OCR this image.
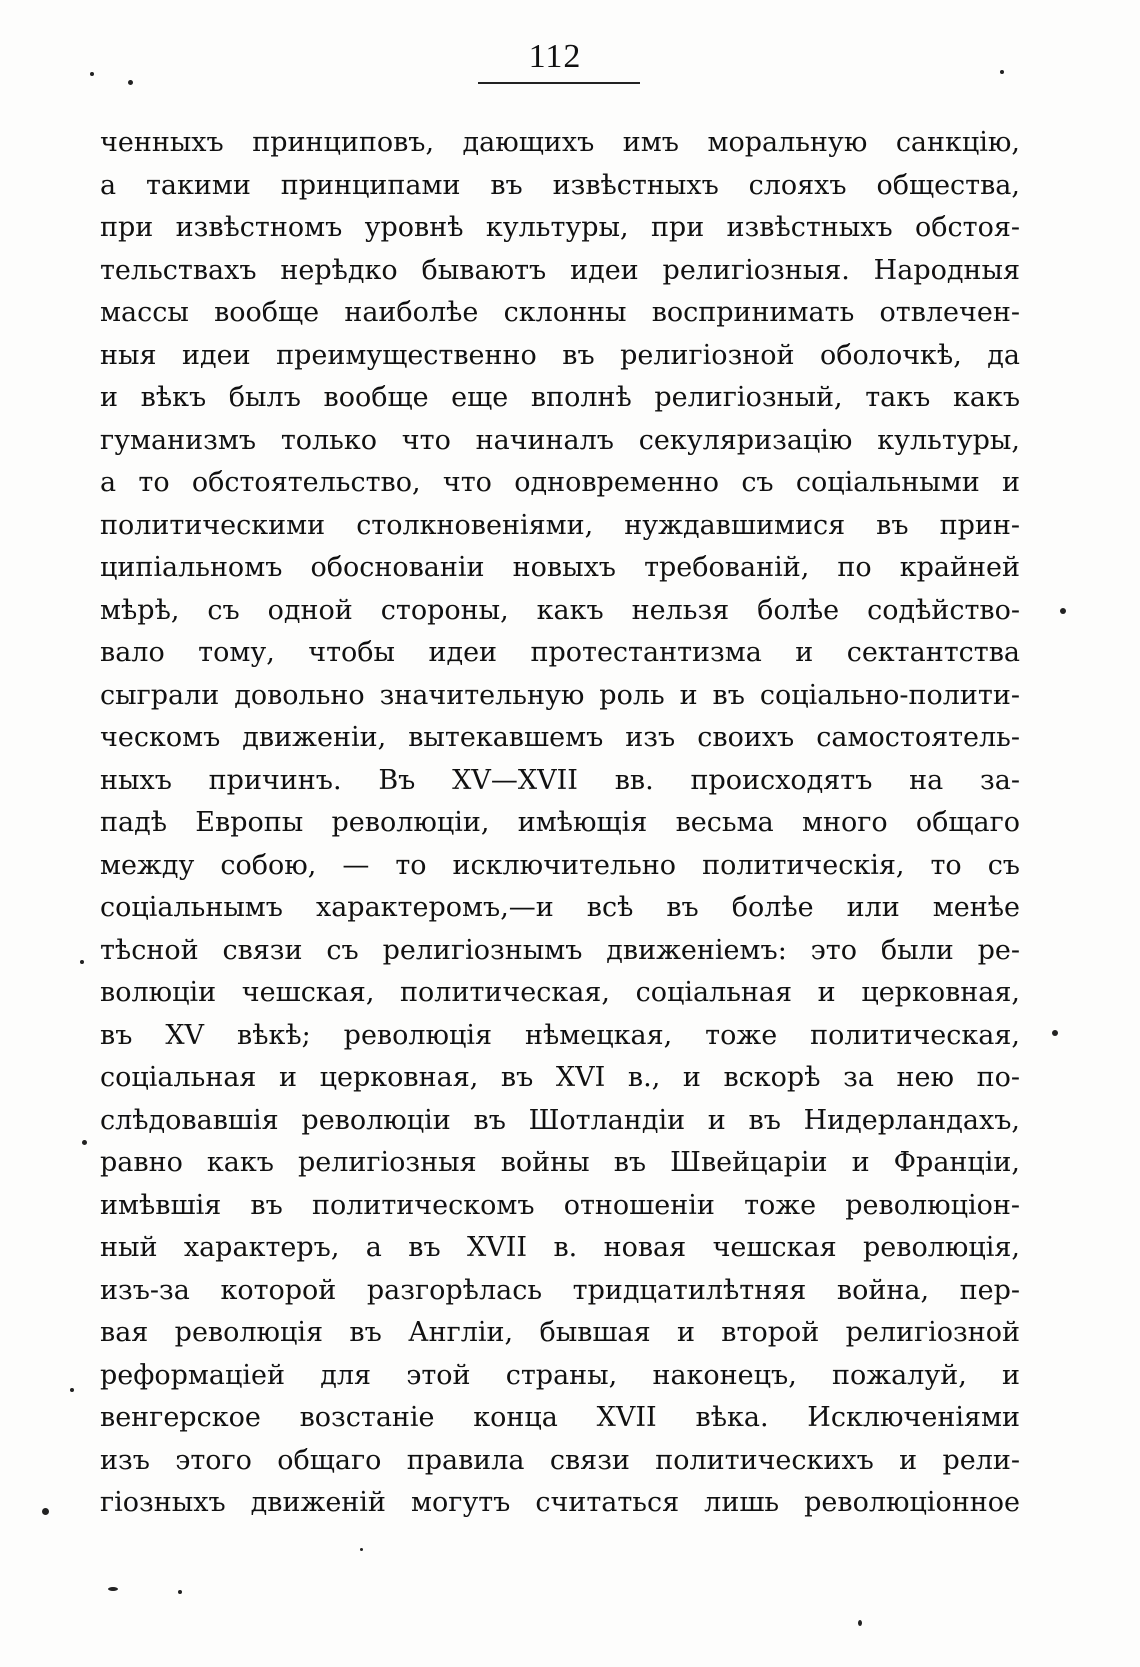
112
ченныхъ принциповъ, дающихъ имъ моральную санкцію,
а такими принципами въ извѣстныхъ слояхъ общества,
при извѣстномъ уровнѣ культуры, при извѣстныхъ обстоя-
тельствахъ нерѣдко бываютъ идеи религіозныя. Народныя
массы вообще наиболѣе склонны воспринимать отвлечен-
ныя идеи преимущественно въ религіозной оболочкѣ, да
и вѣкъ былъ вообще еще вполнѣ религіозный, такъ какъ
гуманизмъ только что начиналъ секуляризацію культуры,
а то обстоятельство, что одновременно съ соціальными и
политическими столкновеніями, нуждавшимися въ прин-
ципіальномъ обоснованіи новыхъ требованій, по крайней
мѣрѣ, съ одной стороны, какъ нельзя болѣе содѣйство-
вало тому, чтобы идеи протестантизма и сектантства
сыграли довольно значительную роль и въ соціально-полити-
ческомъ движеніи, вытекавшемъ изъ своихъ самостоятель-
ныхъ причинъ. Въ XV—XVII вв. происходятъ на за-
падѣ Европы революціи, имѣющія весьма много общаго
между собою, — то исключительно политическія, то съ
соціальнымъ характеромъ,—и всѣ въ болѣе или менѣе
тѣсной связи съ религіознымъ движеніемъ: это были ре-
волюціи чешская, политическая, соціальная и церковная,
въ XV вѣкѣ; революція нѣмецкая, тоже политическая,
соціальная и церковная, въ XVI в., и вскорѣ за нею по-
слѣдовавшія революціи въ Шотландіи и въ Нидерландахъ,
равно какъ религіозныя войны въ Швейцаріи и Франціи,
имѣвшія въ политическомъ отношеніи тоже революціон-
ный характеръ, а въ XVII в. новая чешская революція,
изъ-за которой разгорѣлась тридцатилѣтняя война, пер-
вая революція въ Англіи, бывшая и второй религіозной
реформаціей для этой страны, наконецъ, пожалуй, и
венгерское возстаніе конца XVII вѣка. Исключеніями
изъ этого общаго правила связи политическихъ и рели-
гіозныхъ движеній могутъ считаться лишь революціонное
